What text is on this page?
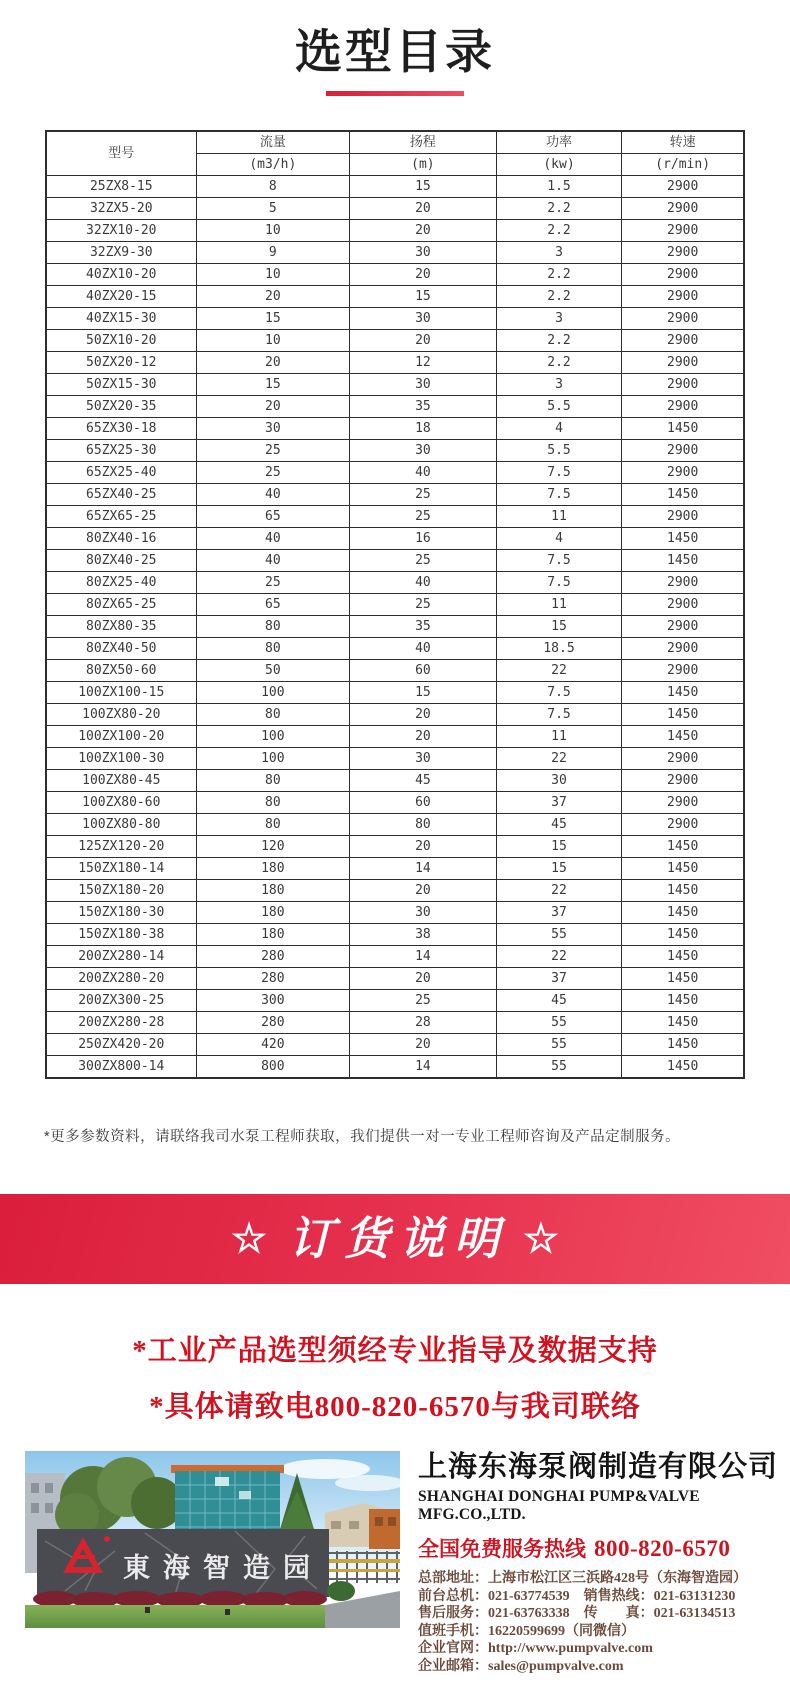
选型目录
型号	流量	扬程	功率	转速
	(m3/h)	(m)	(kw)	(r/min)
25ZX8-15	8	15	1.5	2900
32ZX5-20	5	20	2.2	2900
32ZX10-20	10	20	2.2	2900
32ZX9-30	9	30	3	2900
40ZX10-20	10	20	2.2	2900
40ZX20-15	20	15	2.2	2900
40ZX15-30	15	30	3	2900
50ZX10-20	10	20	2.2	2900
50ZX20-12	20	12	2.2	2900
50ZX15-30	15	30	3	2900
50ZX20-35	20	35	5.5	2900
65ZX30-18	30	18	4	1450
65ZX25-30	25	30	5.5	2900
65ZX25-40	25	40	7.5	2900
65ZX40-25	40	25	7.5	1450
65ZX65-25	65	25	11	2900
80ZX40-16	40	16	4	1450
80ZX40-25	40	25	7.5	1450
80ZX25-40	25	40	7.5	2900
80ZX65-25	65	25	11	2900
80ZX80-35	80	35	15	2900
80ZX40-50	80	40	18.5	2900
80ZX50-60	50	60	22	2900
100ZX100-15	100	15	7.5	1450
100ZX80-20	80	20	7.5	1450
100ZX100-20	100	20	11	1450
100ZX100-30	100	30	22	2900
100ZX80-45	80	45	30	2900
100ZX80-60	80	60	37	2900
100ZX80-80	80	80	45	2900
125ZX120-20	120	20	15	1450
150ZX180-14	180	14	15	1450
150ZX180-20	180	20	22	1450
150ZX180-30	180	30	37	1450
150ZX180-38	180	38	55	1450
200ZX280-14	280	14	22	1450
200ZX280-20	280	20	37	1450
200ZX300-25	300	25	45	1450
200ZX280-28	280	28	55	1450
250ZX420-20	420	20	55	1450
300ZX800-14	800	14	55	1450
*更多参数资料，请联络我司水泵工程师获取，我们提供一对一专业工程师咨询及产品定制服务。
☆ 订货说明 ☆
*工业产品选型须经专业指导及数据支持
*具体请致电800-820-6570与我司联络
東海智造园
上海东海泵阀制造有限公司
SHANGHAI DONGHAI PUMP&VALVE MFG.CO.,LTD.
全国免费服务热线 800-820-6570
总部地址：上海市松江区三浜路428号（东海智造园）
前台总机：021-63774539　销售热线：021-63131230
售后服务：021-63763338　传　　真：021-63134513
值班手机：16220599699（同微信）
企业官网：http://www.pumpvalve.com
企业邮箱：sales@pumpvalve.com
